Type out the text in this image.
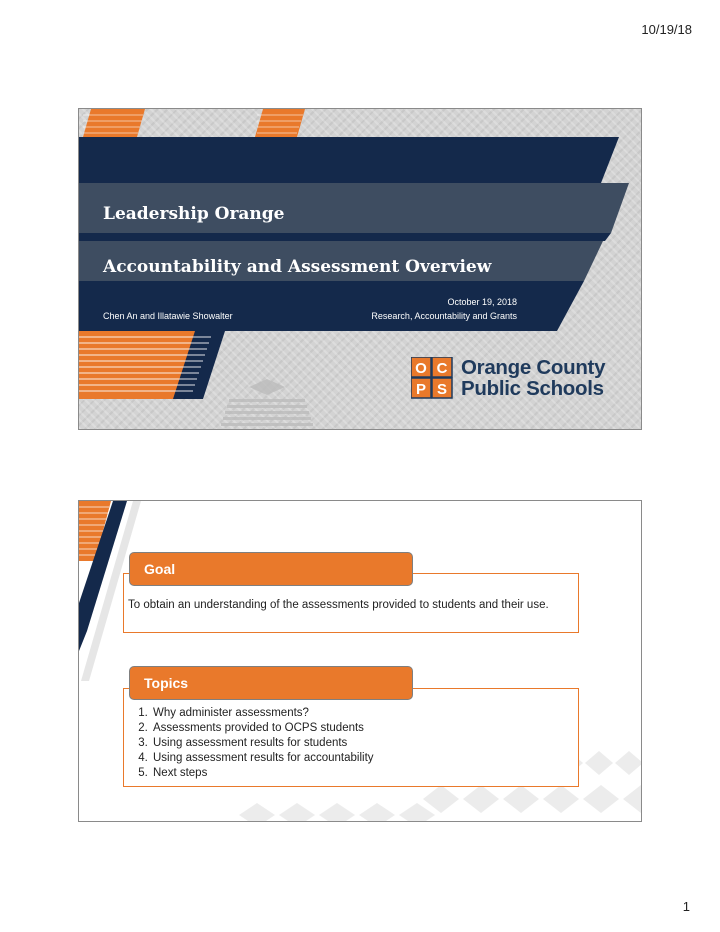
10/19/18
Leadership Orange
Accountability and Assessment Overview
October 19, 2018
Chen An and Illatawie Showalter	Research, Accountability and Grants
O C
P S
Orange County
Public Schools
Goal
To obtain an understanding of the assessments provided to students and their use.
Topics
1. Why administer assessments?
2. Assessments provided to OCPS students
3. Using assessment results for students
4. Using assessment results for accountability
5. Next steps
1
